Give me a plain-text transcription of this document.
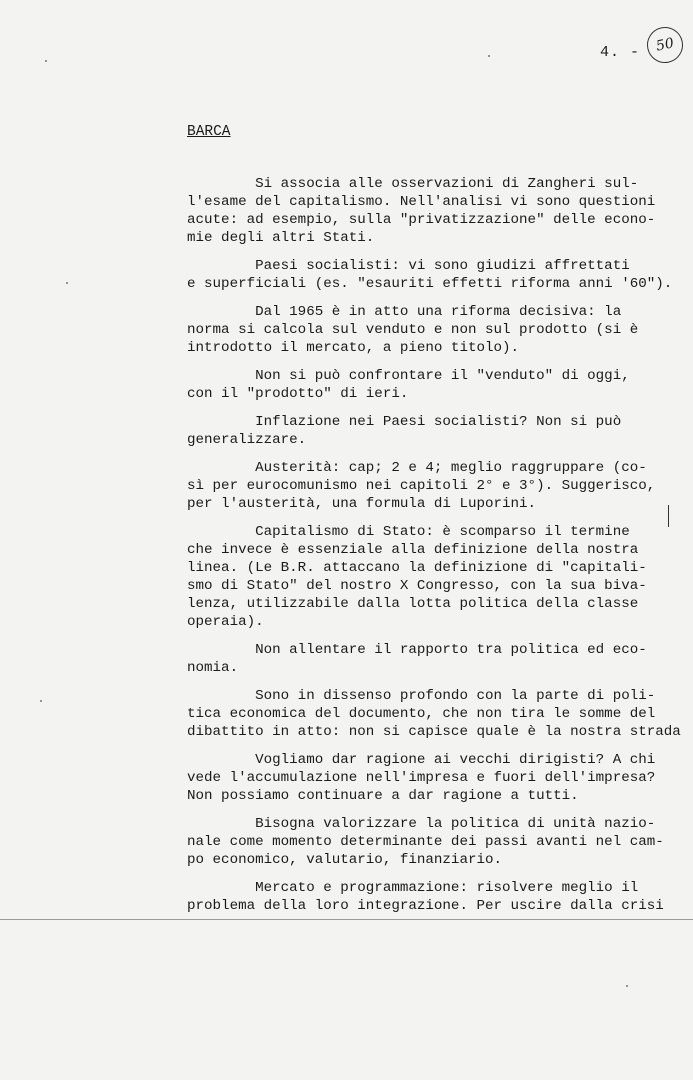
4. -	50
BARCA

Si associa alle osservazioni di Zangheri sul-
l'esame del capitalismo. Nell'analisi vi sono questioni
acute: ad esempio, sulla "privatizzazione" delle econo-
mie degli altri Stati.

Paesi socialisti: vi sono giudizi affrettati
e superficiali (es. "esauriti effetti riforma anni '60").

Dal 1965 è in atto una riforma decisiva: la
norma si calcola sul venduto e non sul prodotto (si è
introdotto il mercato, a pieno titolo).

Non si può confrontare il "venduto" di oggi,
con il "prodotto" di ieri.

Inflazione nei Paesi socialisti? Non si può
generalizzare.

Austerità: cap; 2 e 4; meglio raggruppare (co-
sì per eurocomunismo nei capitoli 2° e 3°). Suggerisco,
per l'austerità, una formula di Luporini.

Capitalismo di Stato: è scomparso il termine
che invece è essenziale alla definizione della nostra
linea. (Le B.R. attaccano la definizione di "capitali-
smo di Stato" del nostro X Congresso, con la sua biva-
lenza, utilizzabile dalla lotta politica della classe
operaia).

Non allentare il rapporto tra politica ed eco-
nomia.

Sono in dissenso profondo con la parte di poli-
tica economica del documento, che non tira le somme del
dibattito in atto: non si capisce quale è la nostra strada

Vogliamo dar ragione ai vecchi dirigisti? A chi
vede l'accumulazione nell'impresa e fuori dell'impresa?
Non possiamo continuare a dar ragione a tutti.

Bisogna valorizzare la politica di unità nazio-
nale come momento determinante dei passi avanti nel cam-
po economico, valutario, finanziario.

Mercato e programmazione: risolvere meglio il
problema della loro integrazione. Per uscire dalla crisi
